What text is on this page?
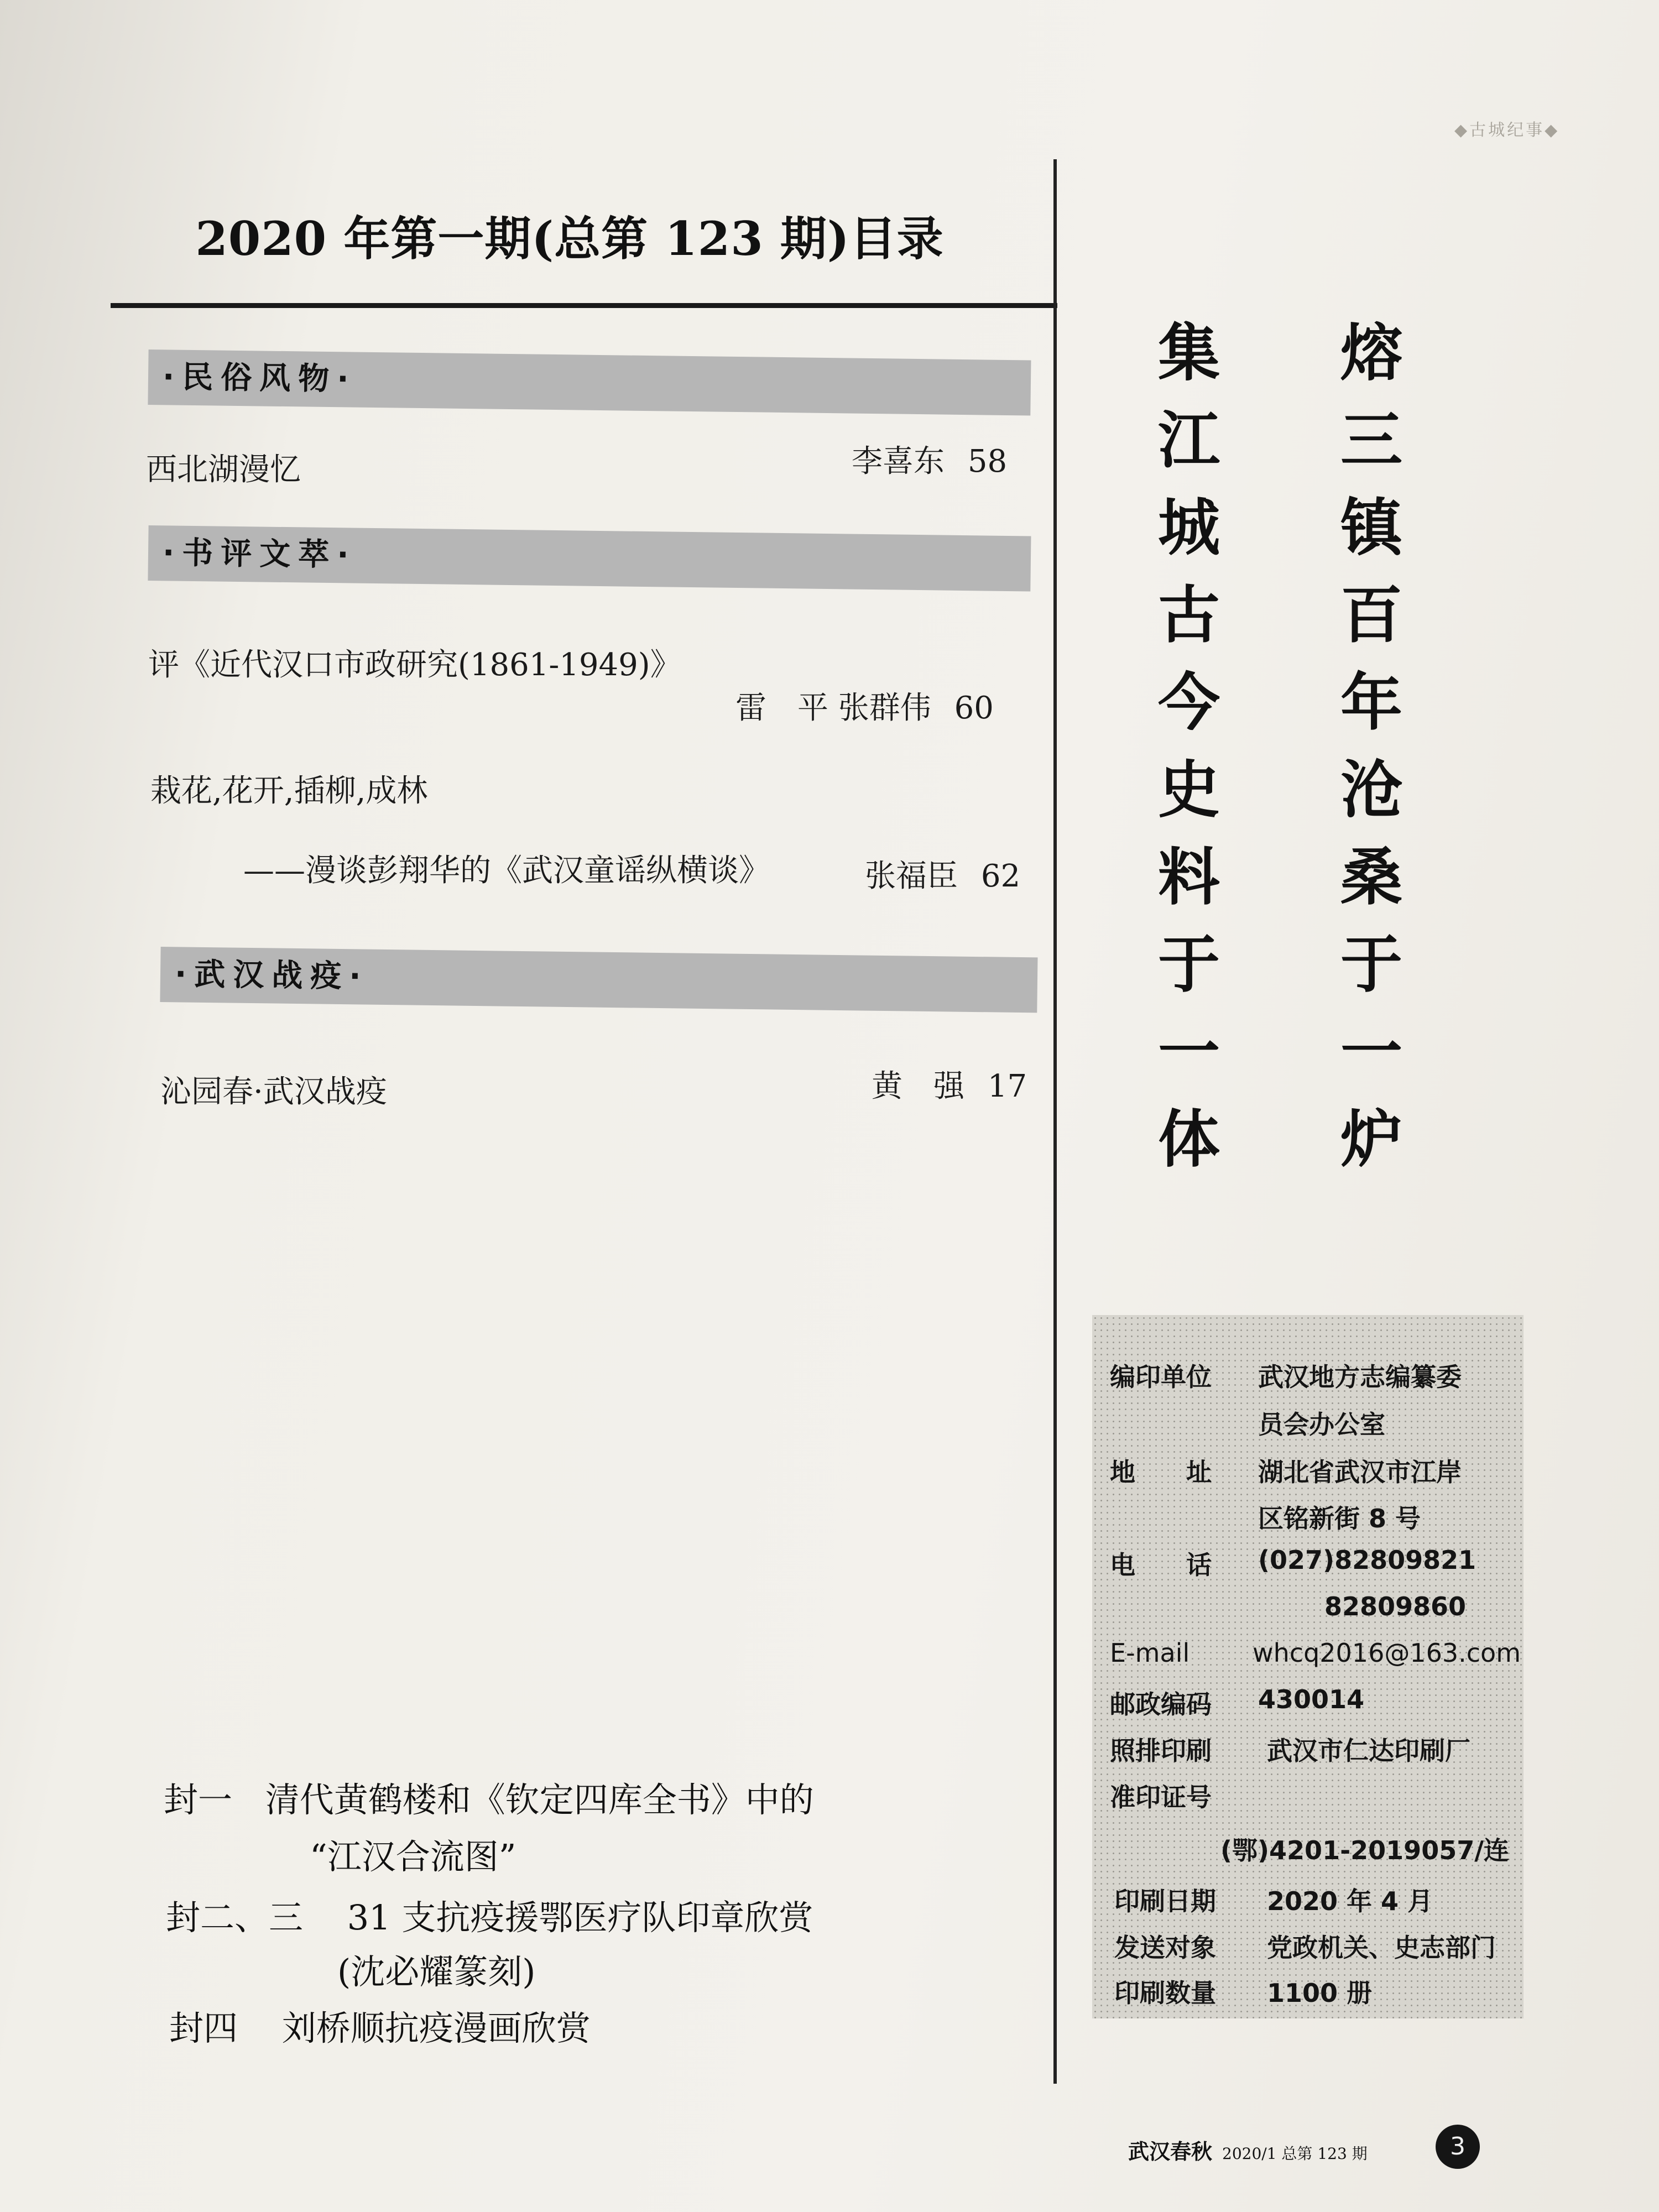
◆古城纪事◆
2020 年第一期(总第 123 期)目录
·民俗风物·
西北湖漫忆	李喜东 58
·书评文萃·
评《近代汉口市政研究(1861-1949)》
雷　平 张群伟 60
栽花,花开,插柳,成林
——漫谈彭翔华的《武汉童谣纵横谈》	张福臣 62
·武汉战疫·
沁园春·武汉战疫	黄　强 17
熔
三
镇
百
年
沧
桑
于
一
炉
集
江
城
古
今
史
料
于
一
体
封一 清代黄鹤楼和《钦定四库全书》中的
“江汉合流图”
封二、三 31 支抗疫援鄂医疗队印章欣赏
(沈必耀篆刻)
封四 刘桥顺抗疫漫画欣赏
编印单位 武汉地方志编纂委
员会办公室
地　　址 湖北省武汉市江岸
区铭新街 8 号
电　　话 (027)82809821
82809860
E-mail whcq2016@163.com
邮政编码 430014
照排印刷 武汉市仁达印刷厂
准印证号
(鄂)4201-2019057/连
印刷日期 2020 年 4 月
发送对象 党政机关、史志部门
印刷数量 1100 册
武汉春秋 2020/1 总第 123 期	3
